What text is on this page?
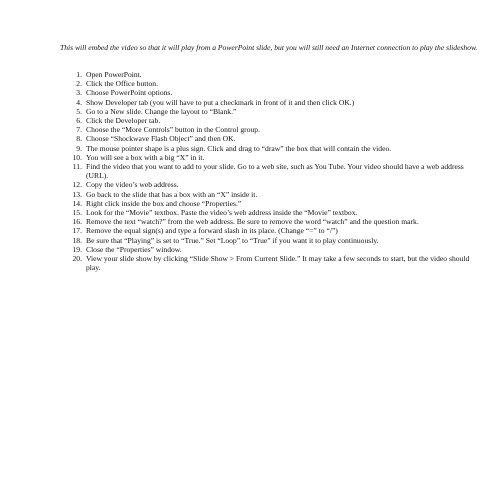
This will embed the video so that it will play from a PowerPoint slide, but you will still need an Internet connection to play the slideshow.

1. Open PowerPoint.
2. Click the Office button.
3. Choose PowerPoint options.
4. Show Developer tab (you will have to put a checkmark in front of it and then click OK.)
5. Go to a New slide. Change the layout to “Blank.”
6. Click the Developer tab.
7. Choose the “More Controls” button in the Control group.
8. Choose “Shockwave Flash Object” and then OK.
9. The mouse pointer shape is a plus sign. Click and drag to “draw” the box that will contain the video.
10. You will see a box with a big “X” in it.
11. Find the video that you want to add to your slide. Go to a web site, such as You Tube. Your video should have a web address (URL).
12. Copy the video’s web address.
13. Go back to the slide that has a box with an “X” inside it.
14. Right click inside the box and choose “Properties.”
15. Look for the “Movie” textbox. Paste the video’s web address inside the “Movie” textbox.
16. Remove the text “watch?” from the web address. Be sure to remove the word “watch” and the question mark.
17. Remove the equal sign(s) and type a forward slash in its place. (Change “=” to “/”)
18. Be sure that “Playing” is set to “True.” Set “Loop” to “True” if you want it to play continuously.
19. Close the “Properties” window.
20. View your slide show by clicking “Slide Show > From Current Slide.” It may take a few seconds to start, but the video should play.
